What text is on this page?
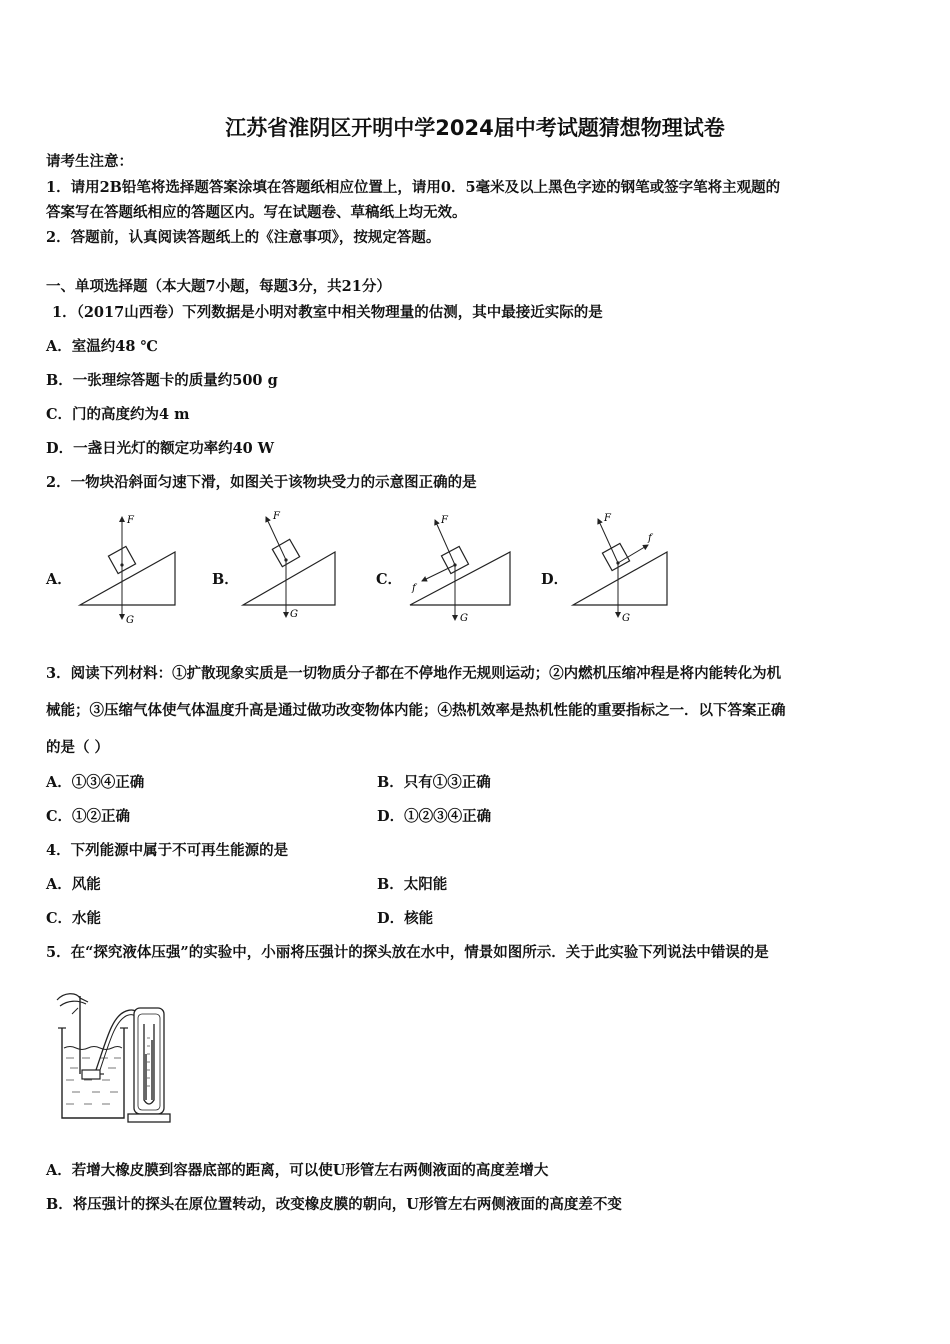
江苏省淮阴区开明中学2024届中考试题猜想物理试卷
请考生注意：
1．请用2B铅笔将选择题答案涂填在答题纸相应位置上，请用0．5毫米及以上黑色字迹的钢笔或签字笔将主观题的
答案写在答题纸相应的答题区内。写在试题卷、草稿纸上均无效。
2．答题前，认真阅读答题纸上的《注意事项》，按规定答题。
一、单项选择题（本大题7小题，每题3分，共21分）
1．（2017山西卷）下列数据是小明对教室中相关物理量的估测，其中最接近实际的是
A．室温约48 ℃
B．一张理综答题卡的质量约500 g
C．门的高度约为4 m
D．一盏日光灯的额定功率约40 W
2．一物块沿斜面匀速下滑，如图关于该物块受力的示意图正确的是
A．	B．	C．	D．
F
G
F
G
F
G
f
F
G
f
3．阅读下列材料：①扩散现象实质是一切物质分子都在不停地作无规则运动；②内燃机压缩冲程是将内能转化为机
械能；③压缩气体使气体温度升高是通过做功改变物体内能；④热机效率是热机性能的重要指标之一．以下答案正确
的是（ ）
A．①③④正确	B．只有①③正确
C．①②正确	D．①②③④正确
4．下列能源中属于不可再生能源的是
A．风能	B．太阳能
C．水能	D．核能
5．在“探究液体压强”的实验中，小丽将压强计的探头放在水中，情景如图所示．关于此实验下列说法中错误的是
A．若增大橡皮膜到容器底部的距离，可以使U形管左右两侧液面的高度差增大
B．将压强计的探头在原位置转动，改变橡皮膜的朝向，U形管左右两侧液面的高度差不变
